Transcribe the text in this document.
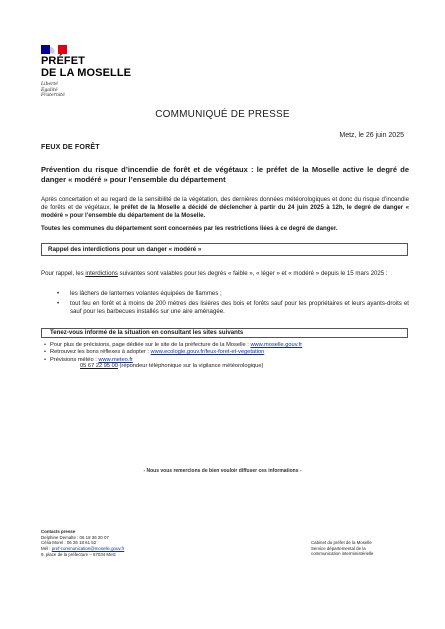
PRÉFET
DE LA MOSELLE
Liberté
Égalité
Fraternité
COMMUNIQUÉ DE PRESSE
Metz, le 26 juin 2025
FEUX DE FORÊT
Prévention du risque d’incendie de forêt et de végétaux : le préfet de la Moselle active le degré de danger « modéré » pour l’ensemble du département
Après concertation et au regard de la sensibilité de la végétation, des dernières données météorologiques et donc du risque d’incendie de forêts et de végétaux, le préfet de la Moselle a décidé de déclencher à partir du 24 juin 2025 à 12h, le degré de danger « modéré » pour l’ensemble du département de la Moselle.
Toutes les communes du département sont concernées par les restrictions liées à ce degré de danger.
Rappel des interdictions pour un danger « modéré »
Pour rappel, les interdictions suivantes sont valables pour les degrés « faible », « léger » et « modéré » depuis le 15 mars 2025 :
• les lâchers de lanternes volantes équipées de flammes ;
• tout feu en forêt et à moins de 200 mètres des lisières des bois et forêts sauf pour les propriétaires et leurs ayants-droits et sauf pour les barbecues installés sur une aire aménagée.
Tenez-vous informé de la situation en consultant les sites suivants
• Pour plus de précisions, page dédiée sur le site de la préfecture de la Moselle : www.moselle.gouv.fr
• Retrouvez les bons réflexes à adopter : www.ecologie.gouv.fr/feux-foret-et-vegetation
• Prévisions météo : www.meteo.fr
05 67 22 95 00 (répondeur téléphonique sur la vigilance météorologique)
- Nous vous remercions de bien vouloir diffuser ces informations -
Contacts presse
Delphine Demalte : 06 18 36 20 07
Célia Morel : 06 26 18 61 52
Mél : pref-communication@moselle.gouv.fr
9, place de la préfecture – 57034 Metz
Cabinet du préfet de la Moselle
Service départemental de la
communication interministérielle
